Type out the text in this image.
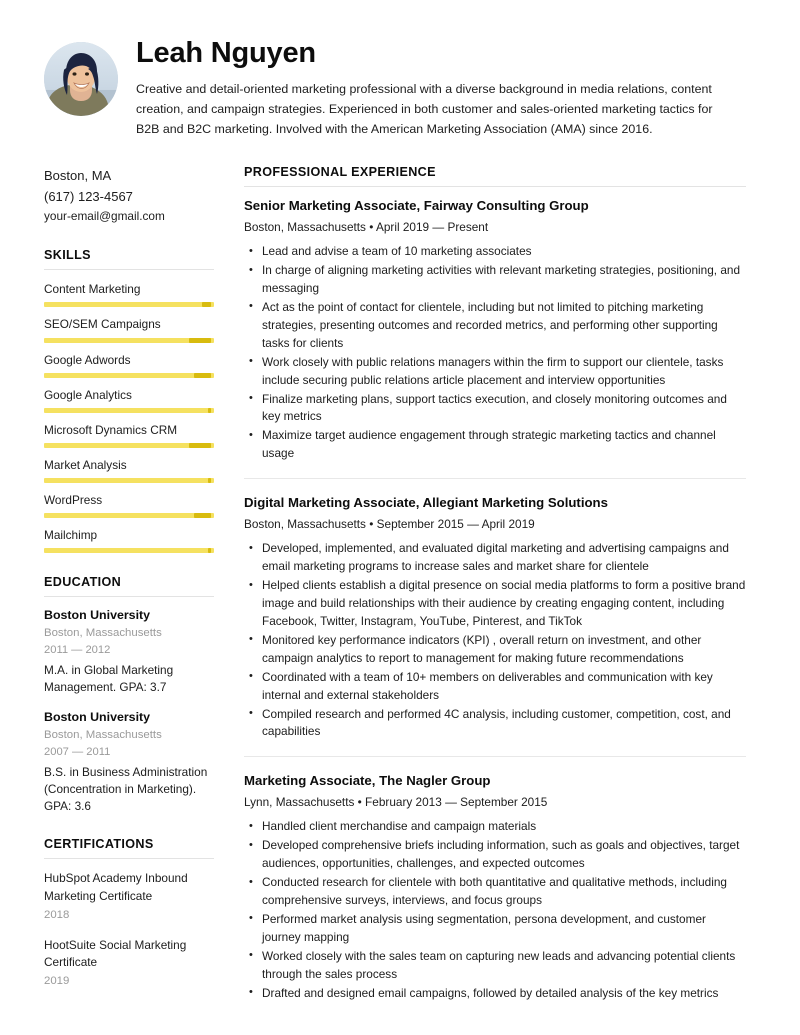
Leah Nguyen

Creative and detail-oriented marketing professional with a diverse background in media relations, content creation, and campaign strategies. Experienced in both customer and sales-oriented marketing tactics for B2B and B2C marketing. Involved with the American Marketing Association (AMA) since 2016.

Boston, MA
(617) 123-4567
your-email@gmail.com
SKILLS
Content Marketing
SEO/SEM Campaigns
Google Adwords
Google Analytics
Microsoft Dynamics CRM
Market Analysis
WordPress
Mailchimp
EDUCATION
Boston University
Boston, Massachusetts
2011 — 2012
M.A. in Global Marketing Management. GPA: 3.7
Boston University
Boston, Massachusetts
2007 — 2011
B.S. in Business Administration (Concentration in Marketing). GPA: 3.6
CERTIFICATIONS
HubSpot Academy Inbound Marketing Certificate
2018
HootSuite Social Marketing Certificate
2019
PROFESSIONAL EXPERIENCE
Senior Marketing Associate, Fairway Consulting Group
Boston, Massachusetts • April 2019 — Present
• Lead and advise a team of 10 marketing associates
• In charge of aligning marketing activities with relevant marketing strategies, positioning, and messaging
• Act as the point of contact for clientele, including but not limited to pitching marketing strategies, presenting outcomes and recorded metrics, and performing other supporting tasks for clients
• Work closely with public relations managers within the firm to support our clientele, tasks include securing public relations article placement and interview opportunities
• Finalize marketing plans, support tactics execution, and closely monitoring outcomes and key metrics
• Maximize target audience engagement through strategic marketing tactics and channel usage
Digital Marketing Associate, Allegiant Marketing Solutions
Boston, Massachusetts • September 2015 — April 2019
• Developed, implemented, and evaluated digital marketing and advertising campaigns and email marketing programs to increase sales and market share for clientele
• Helped clients establish a digital presence on social media platforms to form a positive brand image and build relationships with their audience by creating engaging content, including Facebook, Twitter, Instagram, YouTube, Pinterest, and TikTok
• Monitored key performance indicators (KPI) , overall return on investment, and other campaign analytics to report to management for making future recommendations
• Coordinated with a team of 10+ members on deliverables and communication with key internal and external stakeholders
• Compiled research and performed 4C analysis, including customer, competition, cost, and capabilities
Marketing Associate, The Nagler Group
Lynn, Massachusetts • February 2013 — September 2015
• Handled client merchandise and campaign materials
• Developed comprehensive briefs including information, such as goals and objectives, target audiences, opportunities, challenges, and expected outcomes
• Conducted research for clientele with both quantitative and qualitative methods, including comprehensive surveys, interviews, and focus groups
• Performed market analysis using segmentation, persona development, and customer journey mapping
• Worked closely with the sales team on capturing new leads and advancing potential clients through the sales process
• Drafted and designed email campaigns, followed by detailed analysis of the key metrics
